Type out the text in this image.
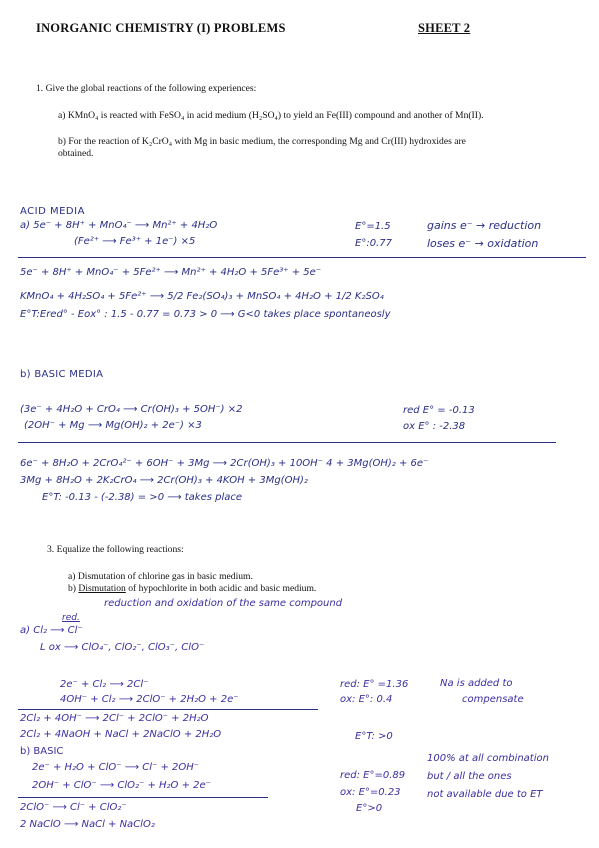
INORGANIC CHEMISTRY (I) PROBLEMS	SHEET 2
1. Give the global reactions of the following experiences:
a) KMnO₄ is reacted with FeSO₄ in acid medium (H₂SO₄) to yield an Fe(III) compound and another of Mn(II).
b) For the reaction of K₂CrO₄ with Mg in basic medium, the corresponding Mg and Cr(III) hydroxides are obtained.
ACID MEDIA
a) 5e⁻ + 8H⁺ + MnO₄⁻ ⟶ Mn²⁺ + 4H₂O
(Fe²⁺ ⟶ Fe³⁺ + 1e⁻) ×5
E°=1.5
E°:0.77
gains e⁻ → reduction
loses e⁻ → oxidation
5e⁻ + 8H⁺ + MnO₄⁻ + 5Fe²⁺ ⟶ Mn²⁺ + 4H₂O + 5Fe³⁺ + 5e⁻
KMnO₄ + 4H₂SO₄ + 5Fe²⁺ ⟶ 5/2 Fe₂(SO₄)₃ + MnSO₄ + 4H₂O + 1/2 K₂SO₄
E°T:Ered° - Eox° : 1.5 - 0.77 = 0.73 > 0 ⟶ G<0 takes place spontaneosly
b) BASIC MEDIA
(3e⁻ + 4H₂O + CrO₄ ⟶ Cr(OH)₃ + 5OH⁻) ×2
(2OH⁻ + Mg ⟶ Mg(OH)₂ + 2e⁻) ×3
red E° = -0.13
ox E° : -2.38
6e⁻ + 8H₂O + 2CrO₄²⁻ + 6OH⁻ + 3Mg ⟶ 2Cr(OH)₃ + 10OH⁻ 4 + 3Mg(OH)₂ + 6e⁻
3Mg + 8H₂O + 2K₂CrO₄ ⟶ 2Cr(OH)₃ + 4KOH + 3Mg(OH)₂
E°T: -0.13 - (-2.38) = >0 ⟶ takes place
3. Equalize the following reactions:
a) Dismutation of chlorine gas in basic medium.
b) Dismutation of hypochlorite in both acidic and basic medium.
reduction and oxidation of the same compound
a) Cl₂ ⟶ Cl⁻
red.
L ox ⟶ ClO₄⁻, ClO₂⁻, ClO₃⁻, ClO⁻
2e⁻ + Cl₂ ⟶ 2Cl⁻
4OH⁻ + Cl₂ ⟶ 2ClO⁻ + 2H₂O + 2e⁻
red: E° =1.36
ox: E°: 0.4
Na is added to
compensate
2Cl₂ + 4OH⁻ ⟶ 2Cl⁻ + 2ClO⁻ + 2H₂O
2Cl₂ + 4NaOH + NaCl + 2NaClO + 2H₂O	E°T: >0
b) BASIC
2e⁻ + H₂O + ClO⁻ ⟶ Cl⁻ + 2OH⁻
2OH⁻ + ClO⁻ ⟶ ClO₂⁻ + H₂O + 2e⁻
2ClO⁻ ⟶ Cl⁻ + ClO₂⁻
2 NaClO ⟶ NaCl + NaClO₂
red: E°=0.89
ox: E°=0.23
E°>0
100% at all combination
but ∕ all the ones
not available due to ET
